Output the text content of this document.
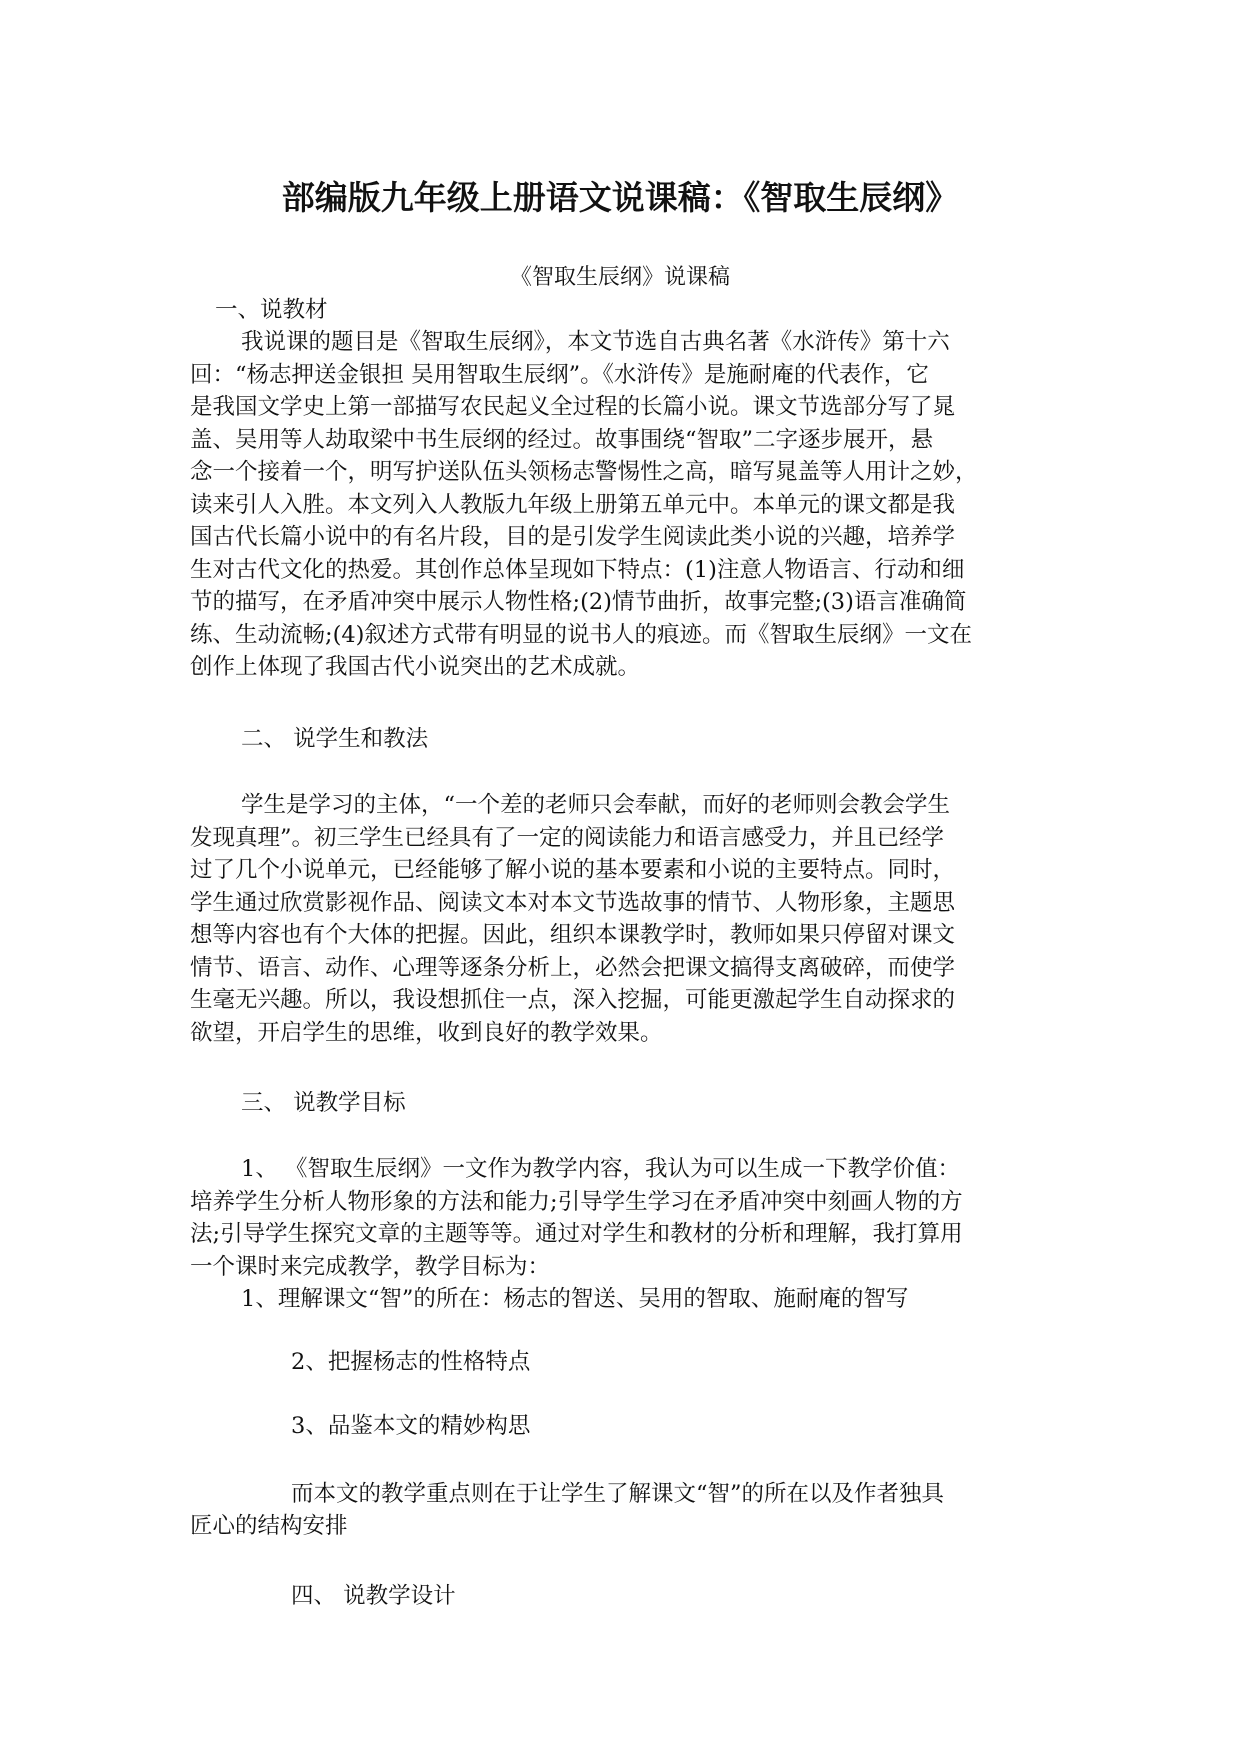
部编版九年级上册语文说课稿：《智取生辰纲》
《智取生辰纲》说课稿
一、说教材
我说课的题目是《智取生辰纲》，本文节选自古典名著《水浒传》第十六
回：“杨志押送金银担 吴用智取生辰纲”。《水浒传》是施耐庵的代表作，它
是我国文学史上第一部描写农民起义全过程的长篇小说。课文节选部分写了晁
盖、吴用等人劫取梁中书生辰纲的经过。故事围绕“智取”二字逐步展开，悬
念一个接着一个，明写护送队伍头领杨志警惕性之高，暗写晁盖等人用计之妙，
读来引人入胜。本文列入人教版九年级上册第五单元中。本单元的课文都是我
国古代长篇小说中的有名片段，目的是引发学生阅读此类小说的兴趣，培养学
生对古代文化的热爱。其创作总体呈现如下特点：(1)注意人物语言、行动和细
节的描写，在矛盾冲突中展示人物性格;(2)情节曲折，故事完整;(3)语言准确简
练、生动流畅;(4)叙述方式带有明显的说书人的痕迹。而《智取生辰纲》一文在
创作上体现了我国古代小说突出的艺术成就。
二、 说学生和教法
学生是学习的主体，“一个差的老师只会奉献，而好的老师则会教会学生
发现真理”。初三学生已经具有了一定的阅读能力和语言感受力，并且已经学
过了几个小说单元，已经能够了解小说的基本要素和小说的主要特点。同时，
学生通过欣赏影视作品、阅读文本对本文节选故事的情节、人物形象，主题思
想等内容也有个大体的把握。因此，组织本课教学时，教师如果只停留对课文
情节、语言、动作、心理等逐条分析上，必然会把课文搞得支离破碎，而使学
生毫无兴趣。所以，我设想抓住一点，深入挖掘，可能更激起学生自动探求的
欲望，开启学生的思维，收到良好的教学效果。
三、 说教学目标
1、 《智取生辰纲》一文作为教学内容，我认为可以生成一下教学价值：
培养学生分析人物形象的方法和能力;引导学生学习在矛盾冲突中刻画人物的方
法;引导学生探究文章的主题等等。通过对学生和教材的分析和理解，我打算用
一个课时来完成教学，教学目标为：
1、理解课文“智”的所在：杨志的智送、吴用的智取、施耐庵的智写
2、把握杨志的性格特点
3、品鉴本文的精妙构思
而本文的教学重点则在于让学生了解课文“智”的所在以及作者独具
匠心的结构安排
四、 说教学设计
